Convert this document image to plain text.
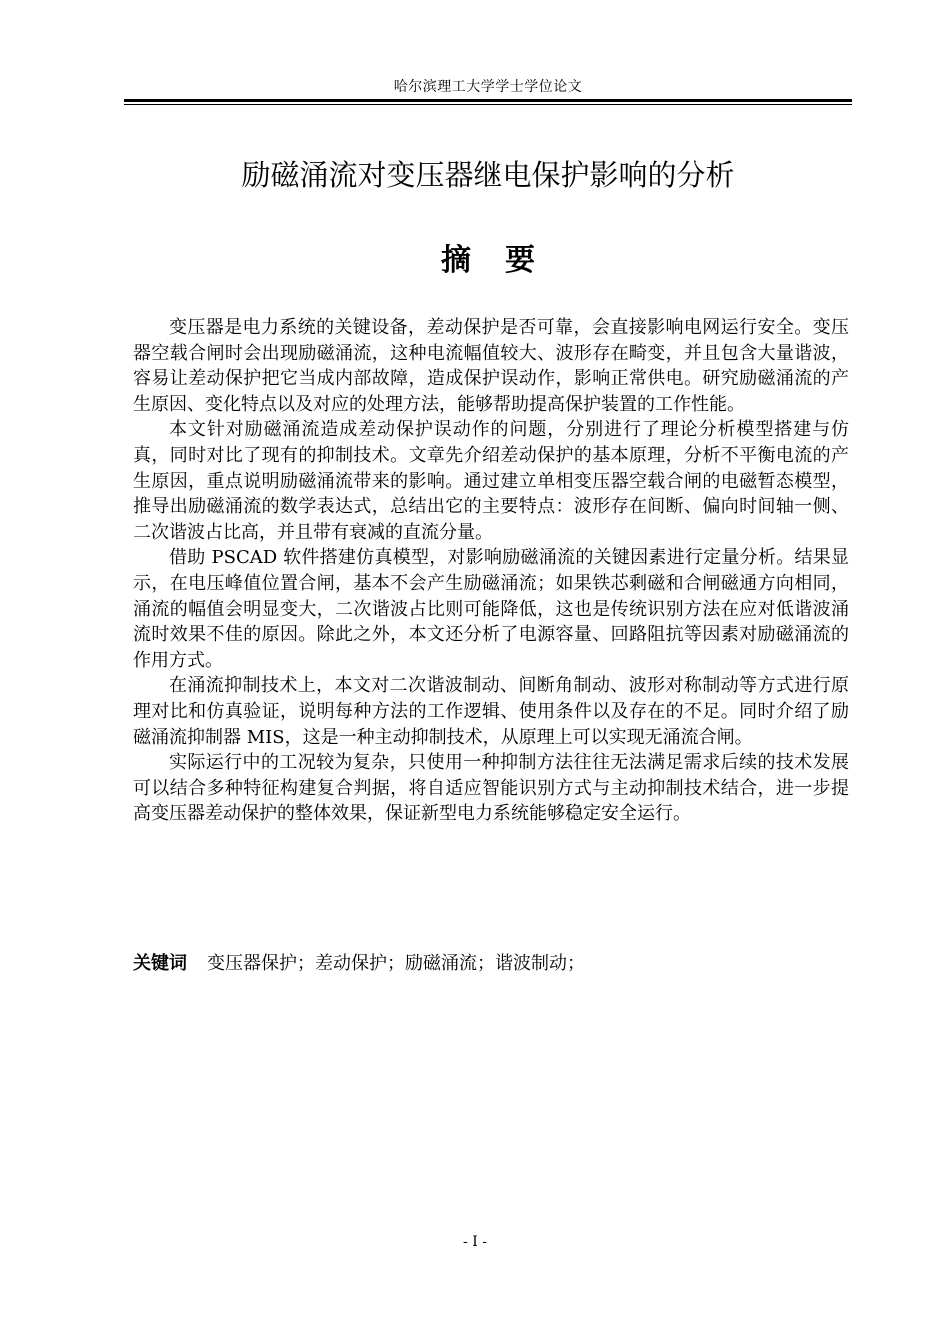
哈尔滨理工大学学士学位论文
励磁涌流对变压器继电保护影响的分析
摘要

变压器是电力系统的关键设备，差动保护是否可靠，会直接影响电网运行安全。变压器空载合闸时会出现励磁涌流，这种电流幅值较大、波形存在畸变，并且包含大量谐波，容易让差动保护把它当成内部故障，造成保护误动作，影响正常供电。研究励磁涌流的产生原因、变化特点以及对应的处理方法，能够帮助提高保护装置的工作性能。

本文针对励磁涌流造成差动保护误动作的问题，分别进行了理论分析模型搭建与仿真，同时对比了现有的抑制技术。文章先介绍差动保护的基本原理，分析不平衡电流的产生原因，重点说明励磁涌流带来的影响。通过建立单相变压器空载合闸的电磁暂态模型，推导出励磁涌流的数学表达式，总结出它的主要特点：波形存在间断、偏向时间轴一侧、二次谐波占比高，并且带有衰减的直流分量。

借助 PSCAD 软件搭建仿真模型，对影响励磁涌流的关键因素进行定量分析。结果显示，在电压峰值位置合闸，基本不会产生励磁涌流；如果铁芯剩磁和合闸磁通方向相同，涌流的幅值会明显变大，二次谐波占比则可能降低，这也是传统识别方法在应对低谐波涌流时效果不佳的原因。除此之外，本文还分析了电源容量、回路阻抗等因素对励磁涌流的作用方式。

在涌流抑制技术上，本文对二次谐波制动、间断角制动、波形对称制动等方式进行原理对比和仿真验证，说明每种方法的工作逻辑、使用条件以及存在的不足。同时介绍了励磁涌流抑制器 MIS，这是一种主动抑制技术，从原理上可以实现无涌流合闸。

实际运行中的工况较为复杂，只使用一种抑制方法往往无法满足需求后续的技术发展可以结合多种特征构建复合判据，将自适应智能识别方式与主动抑制技术结合，进一步提高变压器差动保护的整体效果，保证新型电力系统能够稳定安全运行。

关键词 变压器保护；差动保护；励磁涌流；谐波制动；
- I -
